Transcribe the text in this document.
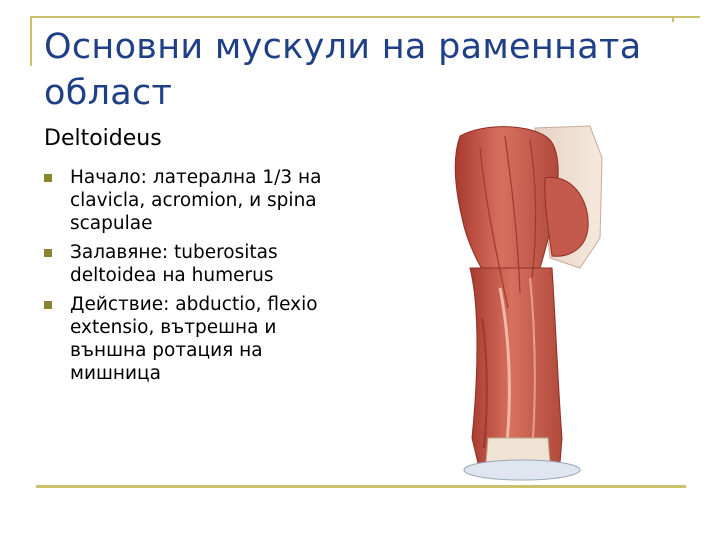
Основни мускули на раменната област

Deltoideus

Начало: латерална 1/3 на clavicla, acromion, и spina scapulae
Залавяне: tuberositas deltoidea на humerus
Действие: abductio, flexio extensio, вътрешна и външна ротация на мишница
